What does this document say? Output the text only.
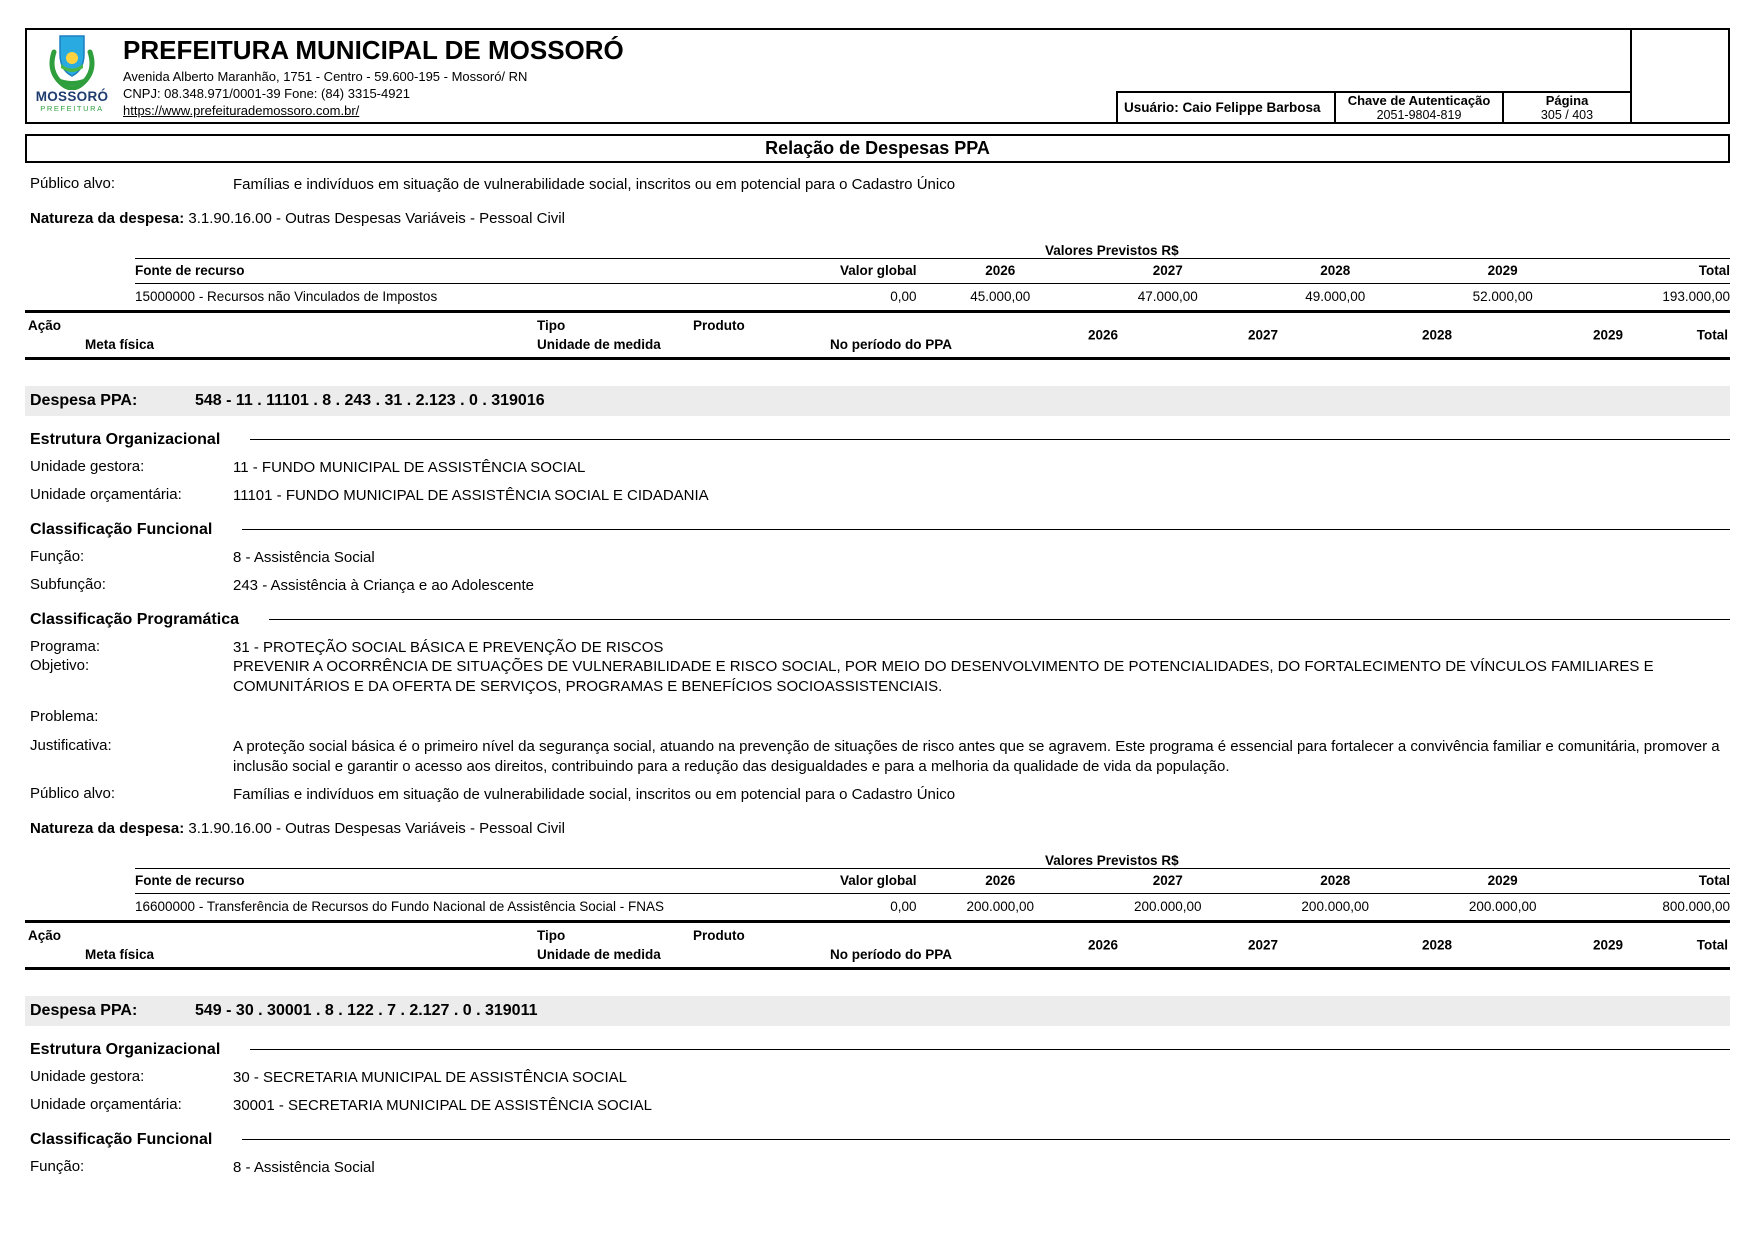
MOSSORÓ
PREFEITURA
PREFEITURA MUNICIPAL DE MOSSORÓ
Avenida Alberto Maranhão, 1751 - Centro - 59.600-195 - Mossoró/ RN
CNPJ: 08.348.971/0001-39 Fone: (84) 3315-4921
https://www.prefeiturademossoro.com.br/	Usuário: Caio Felippe Barbosa	Chave de Autenticação
2051-9804-819
Página
305 / 403
Relação de Despesas PPA
Público alvo:	Famílias e indivíduos em situação de vulnerabilidade social, inscritos ou em potencial para o Cadastro Único
Natureza da despesa: 3.1.90.16.00 - Outras Despesas Variáveis - Pessoal Civil
Valores Previstos R$
Fonte de recurso	Valor global	2026	2027	2028	2029	Total
15000000 - Recursos não Vinculados de Impostos	0,00	45.000,00	47.000,00	49.000,00	52.000,00	193.000,00
Ação	Tipo	Produto
Meta física	Unidade de medida	No período do PPA
2026	2027	2028	2029	Total
Despesa PPA:	548 - 11 . 11101 . 8 . 243 . 31 . 2.123 . 0 . 319016
Estrutura Organizacional
Unidade gestora:	11 - FUNDO MUNICIPAL DE ASSISTÊNCIA SOCIAL
Unidade orçamentária:	11101 - FUNDO MUNICIPAL DE ASSISTÊNCIA SOCIAL E CIDADANIA
Classificação Funcional
Função:	8 - Assistência Social
Subfunção:	243 - Assistência à Criança e ao Adolescente
Classificação Programática
Programa:	31 - PROTEÇÃO SOCIAL BÁSICA E PREVENÇÃO DE RISCOS
Objetivo:	PREVENIR A OCORRÊNCIA DE SITUAÇÕES DE VULNERABILIDADE E RISCO SOCIAL, POR MEIO DO DESENVOLVIMENTO DE POTENCIALIDADES, DO FORTALECIMENTO DE VÍNCULOS FAMILIARES E COMUNITÁRIOS E DA OFERTA DE SERVIÇOS, PROGRAMAS E BENEFÍCIOS SOCIOASSISTENCIAIS.
Problema:
Justificativa:	A proteção social básica é o primeiro nível da segurança social, atuando na prevenção de situações de risco antes que se agravem. Este programa é essencial para fortalecer a convivência familiar e comunitária, promover a inclusão social e garantir o acesso aos direitos, contribuindo para a redução das desigualdades e para a melhoria da qualidade de vida da população.
Público alvo:	Famílias e indivíduos em situação de vulnerabilidade social, inscritos ou em potencial para o Cadastro Único
Natureza da despesa: 3.1.90.16.00 - Outras Despesas Variáveis - Pessoal Civil
Valores Previstos R$
Fonte de recurso	Valor global	2026	2027	2028	2029	Total
16600000 - Transferência de Recursos do Fundo Nacional de Assistência Social - FNAS	0,00	200.000,00	200.000,00	200.000,00	200.000,00	800.000,00
Ação	Tipo	Produto
Meta física	Unidade de medida	No período do PPA
2026	2027	2028	2029	Total
Despesa PPA:	549 - 30 . 30001 . 8 . 122 . 7 . 2.127 . 0 . 319011
Estrutura Organizacional
Unidade gestora:	30 - SECRETARIA MUNICIPAL DE ASSISTÊNCIA SOCIAL
Unidade orçamentária:	30001 - SECRETARIA MUNICIPAL DE ASSISTÊNCIA SOCIAL
Classificação Funcional
Função:	8 - Assistência Social
